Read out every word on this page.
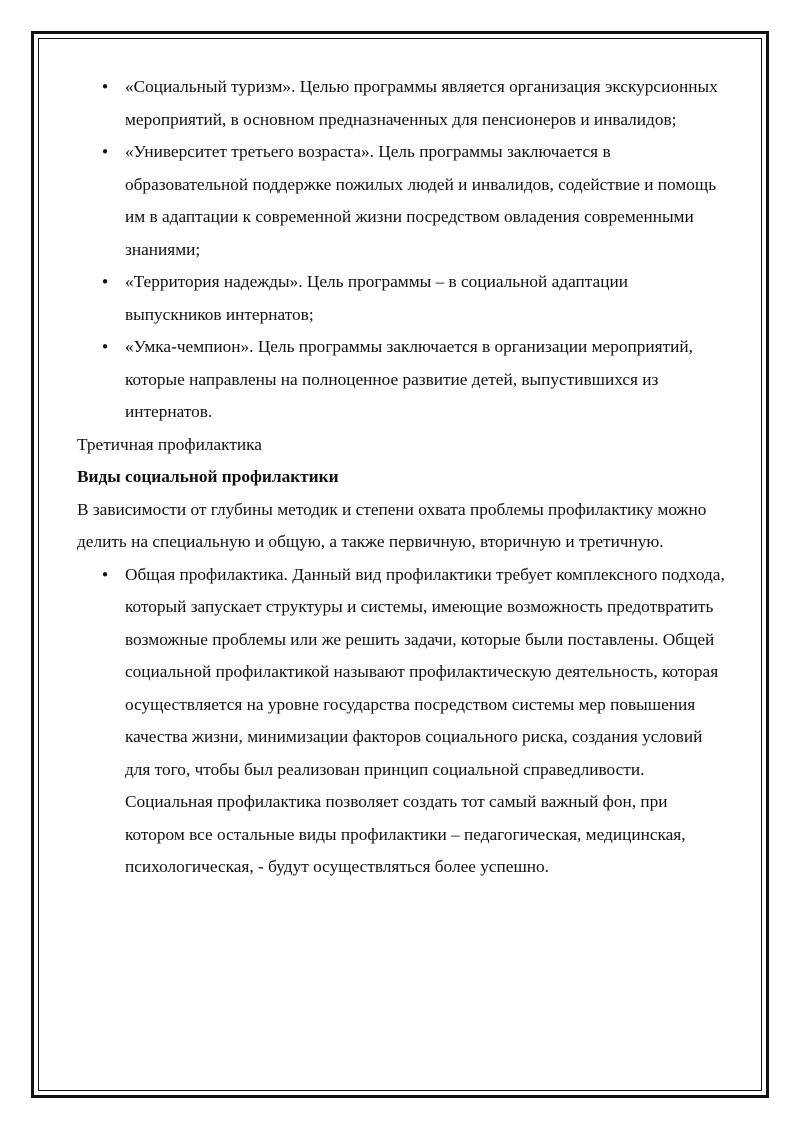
•
«Социальный туризм». Целью программы является организация экскурсионных мероприятий, в основном предназначенных для пенсионеров и инвалидов;
•
«Университет третьего возраста». Цель программы заключается в образовательной поддержке пожилых людей и инвалидов, содействие и помощь им в адаптации к современной жизни посредством овладения современными знаниями;
•
«Территория надежды». Цель программы – в социальной адаптации выпускников интернатов;
•
«Умка-чемпион». Цель программы заключается в организации мероприятий, которые направлены на полноценное развитие детей, выпустившихся из интернатов.

Третичная профилактика

Виды социальной профилактики

В зависимости от глубины методик и степени охвата проблемы профилактику можно делить на специальную и общую, а также первичную, вторичную и третичную.

•
Общая профилактика. Данный вид профилактики требует комплексного подхода, который запускает структуры и системы, имеющие возможность предотвратить возможные проблемы или же решить задачи, которые были поставлены. Общей социальной профилактикой называют профилактическую деятельность, которая осуществляется на уровне государства посредством системы мер повышения качества жизни, минимизации факторов социального риска, создания условий для того, чтобы был реализован принцип социальной справедливости. Социальная профилактика позволяет создать тот самый важный фон, при котором все остальные виды профилактики – педагогическая, медицинская, психологическая, - будут осуществляться более успешно.
